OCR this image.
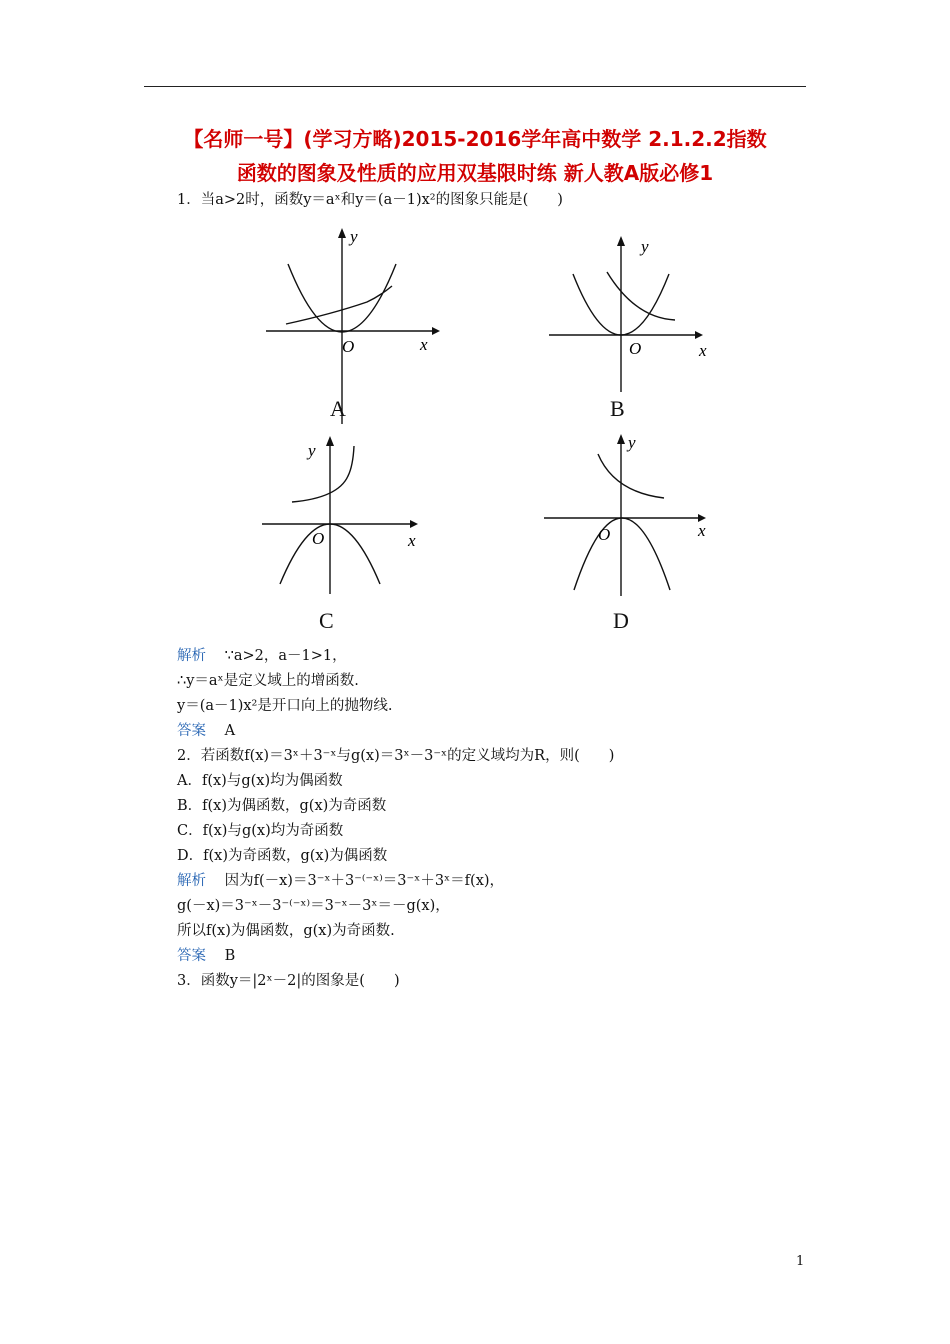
【名师一号】(学习方略)2015-2016学年高中数学 2.1.2.2指数
函数的图象及性质的应用双基限时练 新人教A版必修1
1．当a>2时，函数y＝aˣ和y＝(a－1)x²的图象只能是(　　)
y
x
O
A
y
x
O
B
y
x
O
C
y
x
O
D
解析 ∵a>2，a－1>1，
∴y＝aˣ是定义域上的增函数.
y＝(a－1)x²是开口向上的抛物线.
答案 A
2．若函数f(x)＝3ˣ＋3⁻ˣ与g(x)＝3ˣ－3⁻ˣ的定义域均为R，则(　　)
A．f(x)与g(x)均为偶函数
B．f(x)为偶函数，g(x)为奇函数
C．f(x)与g(x)均为奇函数
D．f(x)为奇函数，g(x)为偶函数
解析 因为f(－x)＝3⁻ˣ＋3⁻⁽⁻ˣ⁾＝3⁻ˣ＋3ˣ＝f(x)，
g(－x)＝3⁻ˣ－3⁻⁽⁻ˣ⁾＝3⁻ˣ－3ˣ＝－g(x)，
所以f(x)为偶函数，g(x)为奇函数.
答案 B
3．函数y＝|2ˣ－2|的图象是(　　)
1
